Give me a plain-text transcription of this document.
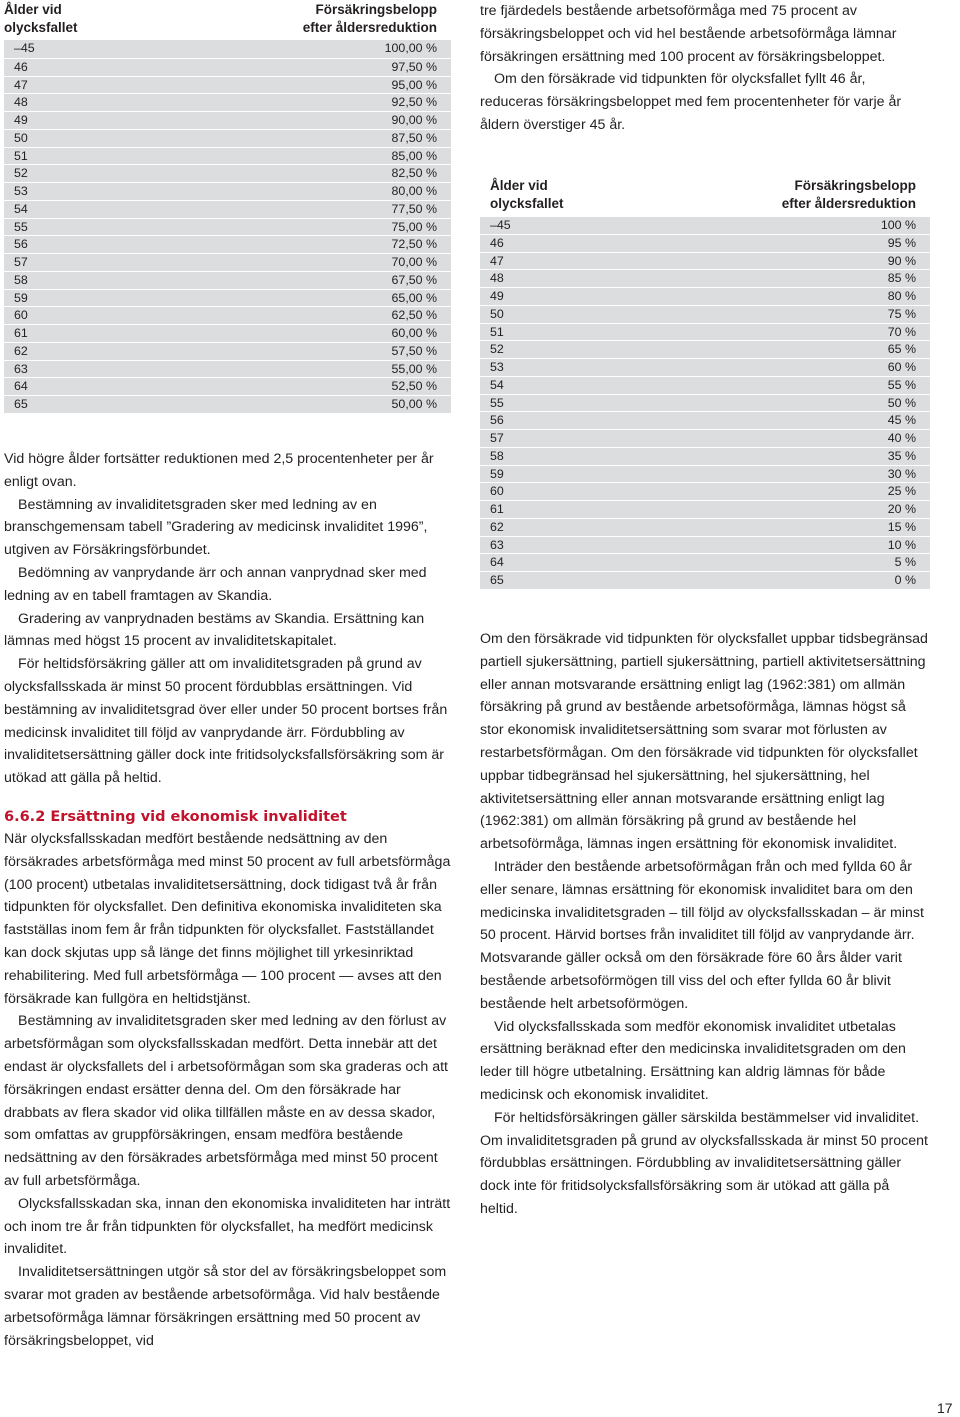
Ålder vid
olycksfallet
Försäkringsbelopp
efter åldersreduktion
–45	100,00 %
46	97,50 %
47	95,00 %
48	92,50 %
49	90,00 %
50	87,50 %
51	85,00 %
52	82,50 %
53	80,00 %
54	77,50 %
55	75,00 %
56	72,50 %
57	70,00 %
58	67,50 %
59	65,00 %
60	62,50 %
61	60,00 %
62	57,50 %
63	55,00 %
64	52,50 %
65	50,00 %

Vid högre ålder fortsätter reduktionen med 2,5 procentenheter per år enligt ovan.

Bestämning av invaliditetsgraden sker med ledning av en branschgemensam tabell ”Gradering av medicinsk invaliditet 1996”, utgiven av Försäkringsförbundet.

Bedömning av vanprydande ärr och annan vanprydnad sker med ledning av en tabell framtagen av Skandia.

Gradering av vanprydnaden bestäms av Skandia. Ersättning kan lämnas med högst 15 procent av invaliditetskapitalet.

För heltidsförsäkring gäller att om invaliditetsgraden på grund av olycksfallsskada är minst 50 procent fördubblas ersättningen. Vid bestämning av invaliditetsgrad över eller under 50 procent bortses från medicinsk invaliditet till följd av vanprydande ärr. Fördubbling av invaliditetsersättning gäller dock inte fritidsolycksfallsförsäkring som är utökad att gälla på heltid.

6.6.2 Ersättning vid ekonomisk invaliditet

När olycksfallsskadan medfört bestående nedsättning av den försäkrades arbetsförmåga med minst 50 procent av full arbetsförmåga (100 procent) utbetalas invaliditetsersättning, dock tidigast två år från tidpunkten för olycksfallet. Den definitiva ekonomiska invaliditeten ska fastställas inom fem år från tidpunkten för olycksfallet. Fastställandet kan dock skjutas upp så länge det finns möjlighet till yrkesinriktad rehabilitering. Med full arbetsförmåga — 100 procent — avses att den försäkrade kan fullgöra en heltidstjänst.

Bestämning av invaliditetsgraden sker med ledning av den förlust av arbetsförmågan som olycksfallsskadan medfört. Detta innebär att det endast är olycksfallets del i arbetsoförmågan som ska graderas och att försäkringen endast ersätter denna del. Om den försäkrade har drabbats av flera skador vid olika tillfällen måste en av dessa skador, som omfattas av gruppförsäkringen, ensam medföra bestående nedsättning av den försäkrades arbetsförmåga med minst 50 procent av full arbetsförmåga.

Olycksfallsskadan ska, innan den ekonomiska invaliditeten har inträtt och inom tre år från tidpunkten för olycksfallet, ha medfört medicinsk invaliditet.

Invaliditetsersättningen utgör så stor del av försäkringsbeloppet som svarar mot graden av bestående arbetsoförmåga. Vid halv bestående arbetsoförmåga lämnar försäkringen ersättning med 50 procent av försäkringsbeloppet, vid

tre fjärdedels bestående arbetsoförmåga med 75 procent av försäkringsbeloppet och vid hel bestående arbetsoförmåga lämnar försäkringen ersättning med 100 procent av försäkringsbeloppet.

Om den försäkrade vid tidpunkten för olycksfallet fyllt 46 år, reduceras försäkringsbeloppet med fem procentenheter för varje år åldern överstiger 45 år.

Ålder vid
olycksfallet
Försäkringsbelopp
efter åldersreduktion
–45	100 %
46	95 %
47	90 %
48	85 %
49	80 %
50	75 %
51	70 %
52	65 %
53	60 %
54	55 %
55	50 %
56	45 %
57	40 %
58	35 %
59	30 %
60	25 %
61	20 %
62	15 %
63	10 %
64	5 %
65	0 %

Om den försäkrade vid tidpunkten för olycksfallet uppbar tidsbegränsad partiell sjukersättning, partiell sjukersättning, partiell aktivitetsersättning eller annan motsvarande ersättning enligt lag (1962:381) om allmän försäkring på grund av bestående arbetsoförmåga, lämnas högst så stor ekonomisk invaliditetsersättning som svarar mot förlusten av restarbetsförmågan. Om den försäkrade vid tidpunkten för olycksfallet uppbar tidbegränsad hel sjukersättning, hel sjukersättning, hel aktivitetsersättning eller annan motsvarande ersättning enligt lag (1962:381) om allmän försäkring på grund av bestående hel arbetsoförmåga, lämnas ingen ersättning för ekonomisk invaliditet.

Inträder den bestående arbetsoförmågan från och med fyllda 60 år eller senare, lämnas ersättning för ekonomisk invaliditet bara om den medicinska invaliditetsgraden – till följd av olycksfallsskadan – är minst 50 procent. Härvid bortses från invaliditet till följd av vanprydande ärr. Motsvarande gäller också om den försäkrade före 60 års ålder varit bestående arbetsoförmögen till viss del och efter fyllda 60 år blivit bestående helt arbetsoförmögen.

Vid olycksfallsskada som medför ekonomisk invaliditet utbetalas ersättning beräknad efter den medicinska invaliditetsgraden om den leder till högre utbetalning. Ersättning kan aldrig lämnas för både medicinsk och ekonomisk invaliditet.

För heltidsförsäkringen gäller särskilda bestämmelser vid invaliditet. Om invaliditetsgraden på grund av olycksfallsskada är minst 50 procent fördubblas ersättningen. Fördubbling av invaliditetsersättning gäller dock inte för fritidsolycksfallsförsäkring som är utökad att gälla på heltid.

17
